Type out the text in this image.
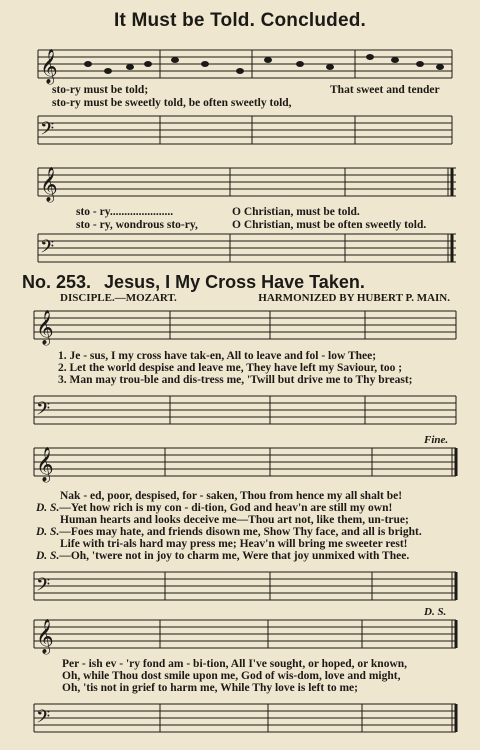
It Must be Told. Concluded.
𝄞
sto-ry must be told;	That sweet and tender
sto-ry must be sweetly told, be often sweetly told,
𝄢
𝄞
sto - ry......................	O Christian, must be told.
sto - ry, wondrous sto-ry,	O Christian, must be often sweetly told.
𝄢
No. 253. Jesus, I My Cross Have Taken.
DISCIPLE.—MOZART.	HARMONIZED BY HUBERT P. MAIN.
𝄞
1. Je - sus, I my cross have tak-en, All to leave and fol - low Thee;
2. Let the world despise and leave me, They have left my Saviour, too ;
3. Man may trou-ble and dis-tress me, 'Twill but drive me to Thy breast;
𝄢
Fine.
𝄞
Nak - ed, poor, despised, for - saken, Thou from hence my all shalt be!
D. S.—Yet how rich is my con - di-tion, God and heav'n are still my own!
Human hearts and looks deceive me—Thou art not, like them, un-true;
D. S.—Foes may hate, and friends disown me, Show Thy face, and all is bright.
Life with tri-als hard may press me; Heav'n will bring me sweeter rest!
D. S.—Oh, 'twere not in joy to charm me, Were that joy unmixed with Thee.
𝄢
D. S.
𝄞
Per - ish ev - 'ry fond am - bi-tion, All I've sought, or hoped, or known,
Oh, while Thou dost smile upon me, God of wis-dom, love and might,
Oh, 'tis not in grief to harm me, While Thy love is left to me;
𝄢
